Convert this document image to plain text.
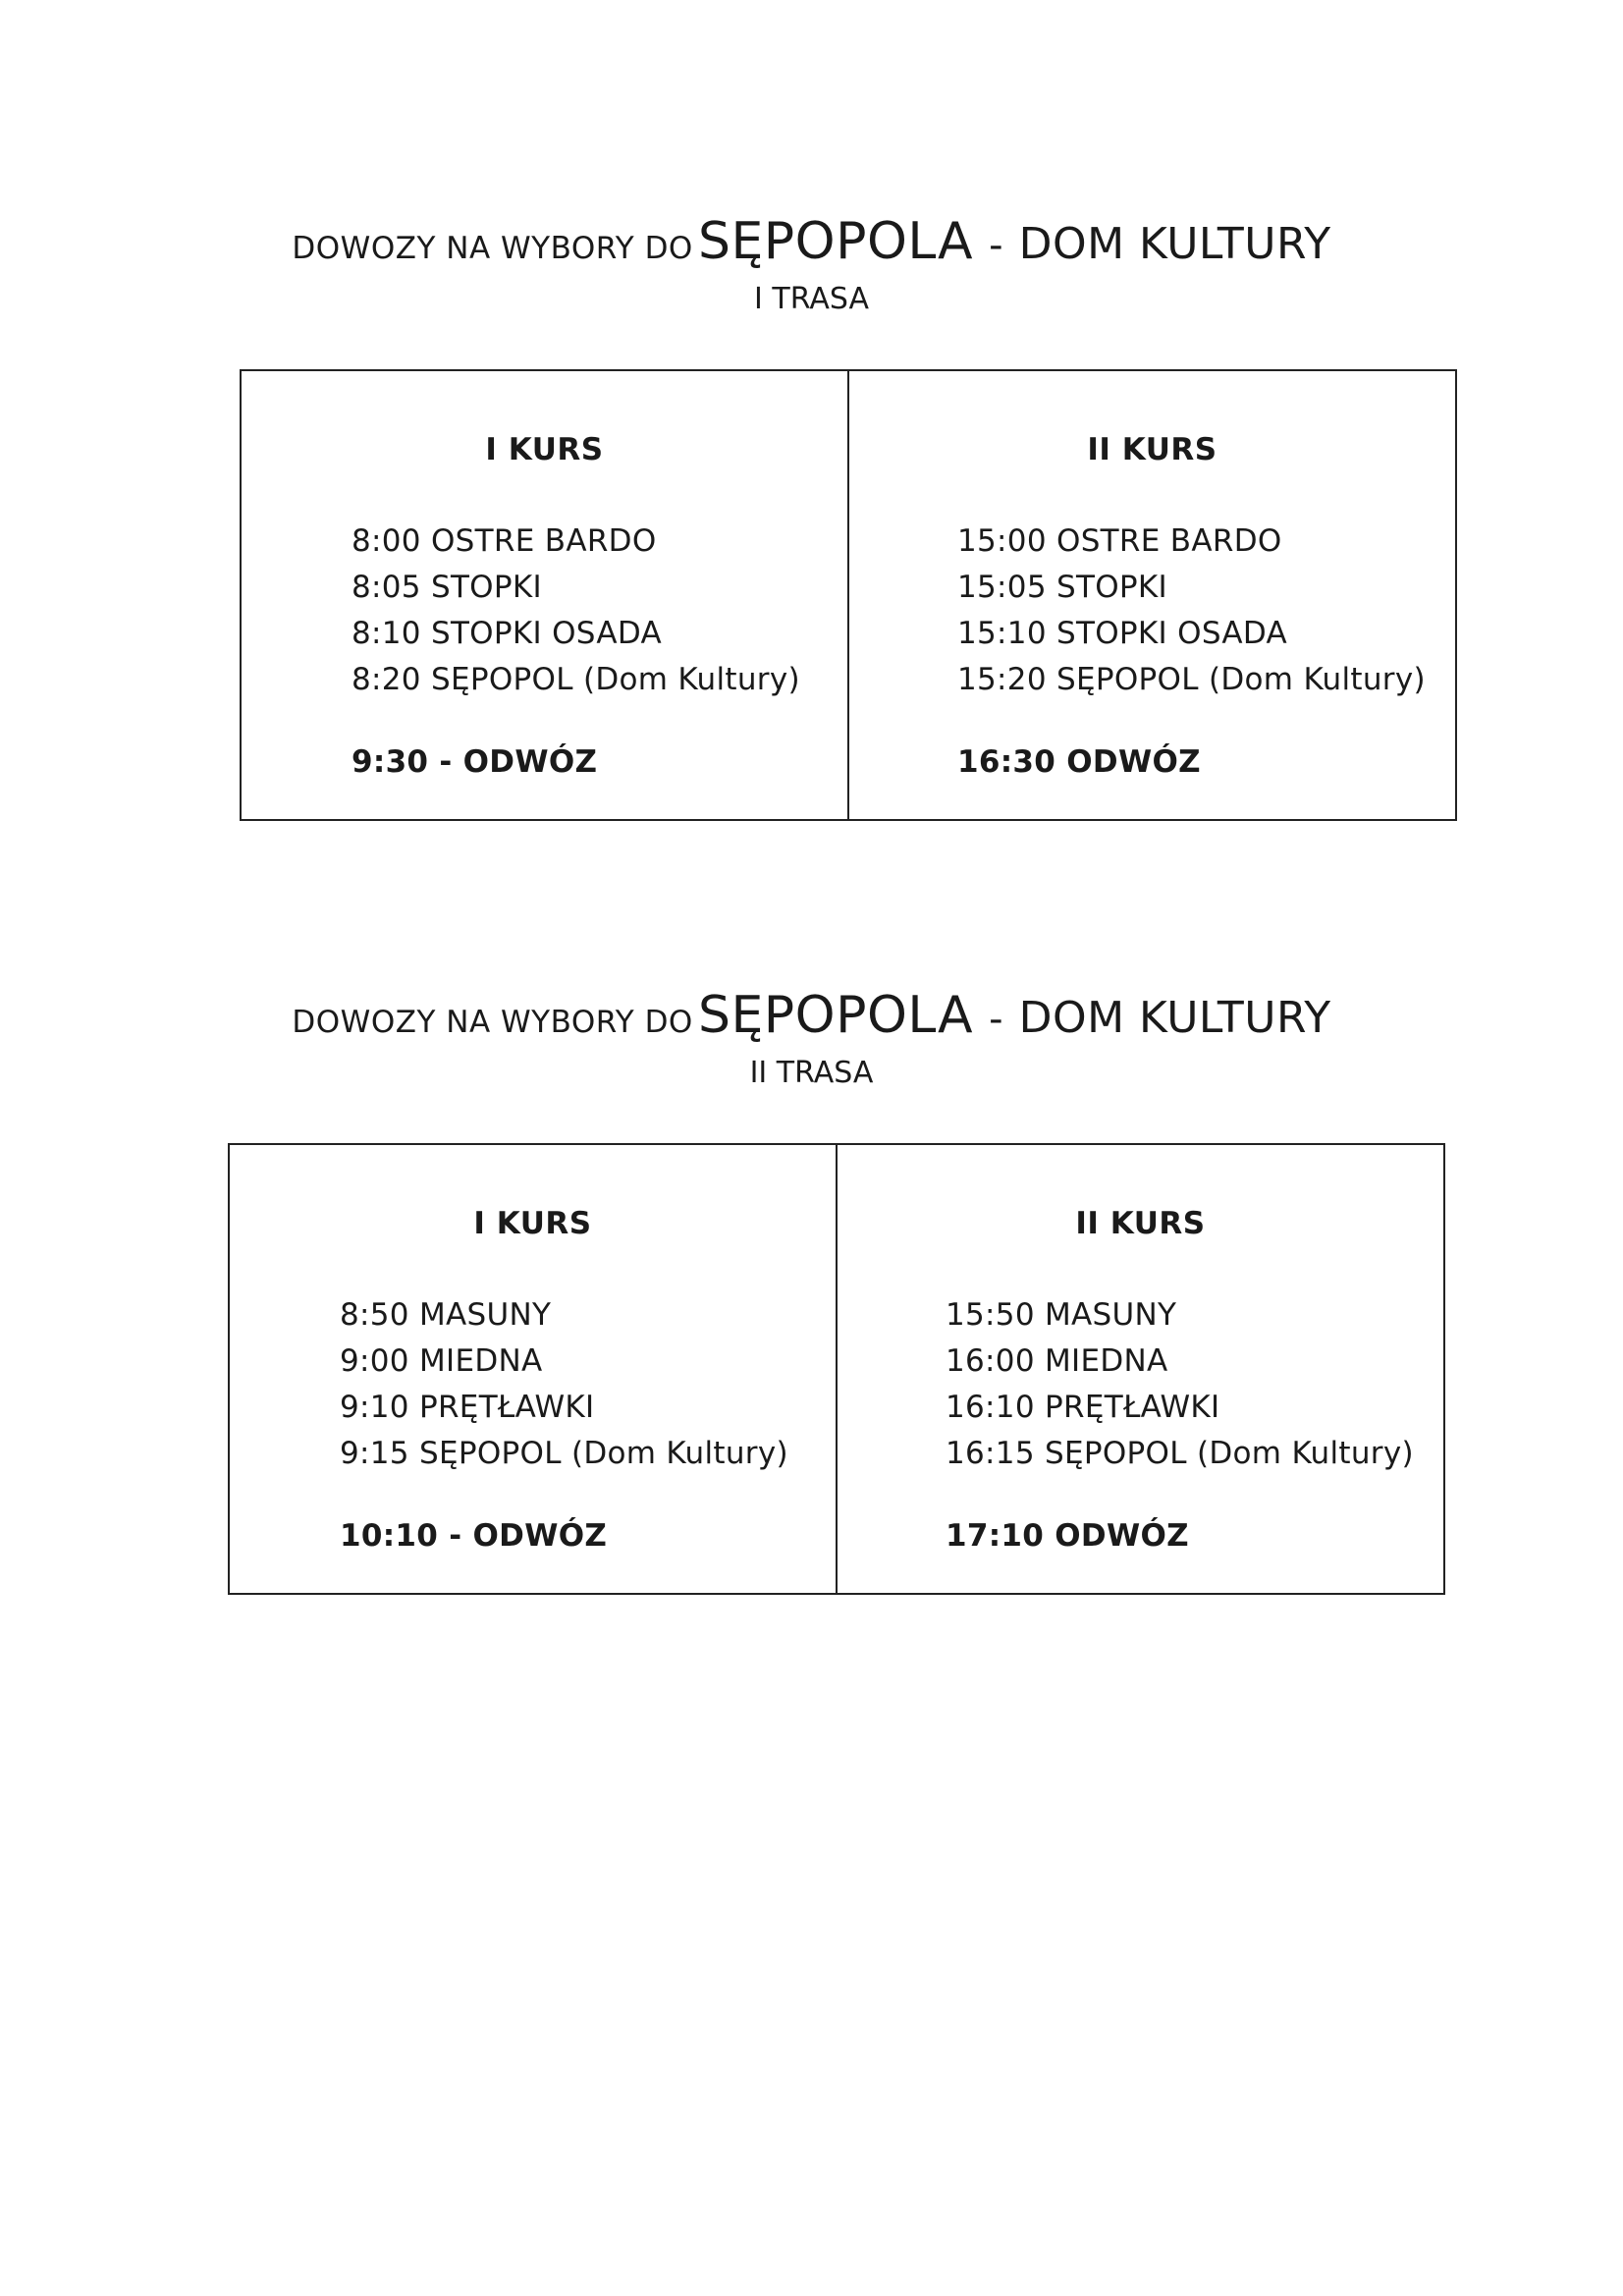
DOWOZY NA WYBORY DO SĘPOPOLA - DOM KULTURY
I TRASA
I KURS
8:00 OSTRE BARDO
8:05 STOPKI
8:10 STOPKI OSADA
8:20 SĘPOPOL (Dom Kultury)
9:30 - ODWÓZ
II KURS
15:00 OSTRE BARDO
15:05 STOPKI
15:10 STOPKI OSADA
15:20 SĘPOPOL (Dom Kultury)
16:30 ODWÓZ
DOWOZY NA WYBORY DO SĘPOPOLA - DOM KULTURY
II TRASA
I KURS
8:50 MASUNY
9:00 MIEDNA
9:10 PRĘTŁAWKI
9:15 SĘPOPOL (Dom Kultury)
10:10 - ODWÓZ
II KURS
15:50 MASUNY
16:00 MIEDNA
16:10 PRĘTŁAWKI
16:15 SĘPOPOL (Dom Kultury)
17:10 ODWÓZ
